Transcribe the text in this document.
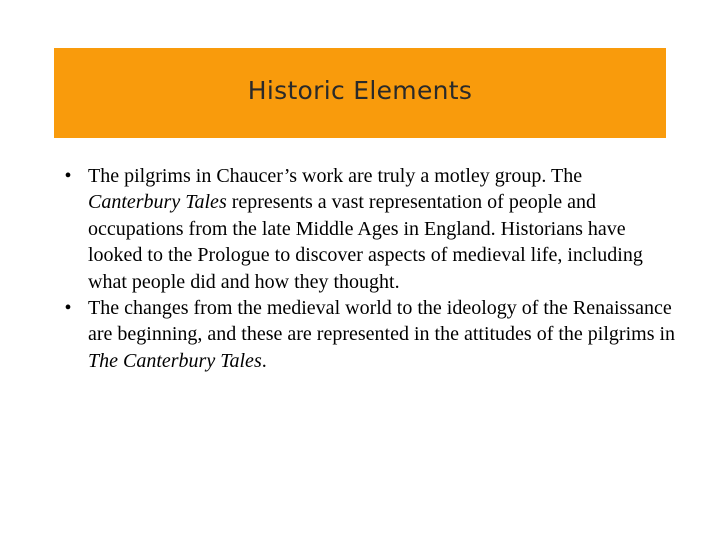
Historic Elements
• The pilgrims in Chaucer’s work are truly a motley group. The Canterbury Tales represents a vast representation of people and occupations from the late Middle Ages in England. Historians have looked to the Prologue to discover aspects of medieval life, including what people did and how they thought.
• The changes from the medieval world to the ideology of the Renaissance are beginning, and these are represented in the attitudes of the pilgrims in The Canterbury Tales.
